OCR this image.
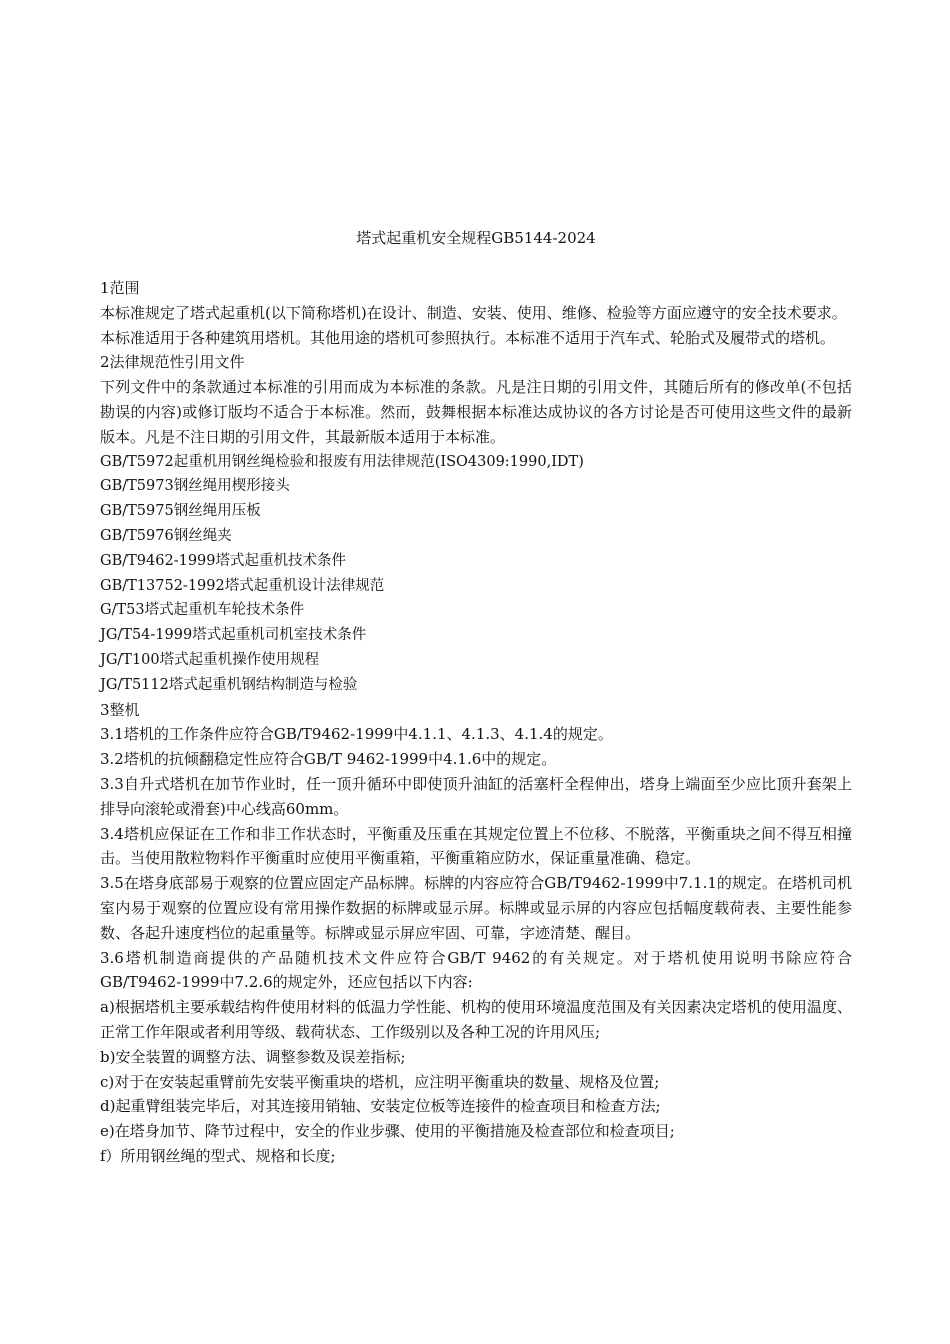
塔式起重机安全规程GB5144-2024

1范围

本标准规定了塔式起重机(以下简称塔机)在设计、制造、安装、使用、维修、检验等方面应遵守的安全技术要求。

本标准适用于各种建筑用塔机。其他用途的塔机可参照执行。本标准不适用于汽车式、轮胎式及履带式的塔机。

2法律规范性引用文件

下列文件中的条款通过本标准的引用而成为本标准的条款。凡是注日期的引用文件，其随后所有的修改单(不包括勘误的内容)或修订版均不适合于本标准。然而，鼓舞根据本标准达成协议的各方讨论是否可使用这些文件的最新版本。凡是不注日期的引用文件，其最新版本适用于本标准。

GB/T5972起重机用钢丝绳检验和报废有用法律规范(ISO4309:1990,IDT)

GB/T5973钢丝绳用楔形接头

GB/T5975钢丝绳用压板

GB/T5976钢丝绳夹

GB/T9462-1999塔式起重机技术条件

GB/T13752-1992塔式起重机设计法律规范

G/T53塔式起重机车轮技术条件

JG/T54-1999塔式起重机司机室技术条件

JG/T100塔式起重机操作使用规程

JG/T5112塔式起重机钢结构制造与检验

3整机

3.1塔机的工作条件应符合GB/T9462-1999中4.1.1、4.1.3、4.1.4的规定。

3.2塔机的抗倾翻稳定性应符合GB/T 9462-1999中4.1.6中的规定。

3.3自升式塔机在加节作业时，任一顶升循环中即使顶升油缸的活塞杆全程伸出，塔身上端面至少应比顶升套架上排导向滚轮或滑套)中心线高60mm。

3.4塔机应保证在工作和非工作状态时，平衡重及压重在其规定位置上不位移、不脱落，平衡重块之间不得互相撞击。当使用散粒物料作平衡重时应使用平衡重箱，平衡重箱应防水，保证重量准确、稳定。

3.5在塔身底部易于观察的位置应固定产品标牌。标牌的内容应符合GB/T9462-1999中7.1.1的规定。在塔机司机室内易于观察的位置应设有常用操作数据的标牌或显示屏。标牌或显示屏的内容应包括幅度载荷表、主要性能参数、各起升速度档位的起重量等。标牌或显示屏应牢固、可靠，字迹清楚、醒目。

3.6塔机制造商提供的产品随机技术文件应符合GB/T 9462的有关规定。对于塔机使用说明书除应符合GB/T9462-1999中7.2.6的规定外，还应包括以下内容:

a)根据塔机主要承载结构件使用材料的低温力学性能、机构的使用环境温度范围及有关因素决定塔机的使用温度、正常工作年限或者利用等级、载荷状态、工作级别以及各种工况的许用风压;

b)安全装置的调整方法、调整参数及误差指标;

c)对于在安装起重臂前先安装平衡重块的塔机，应注明平衡重块的数量、规格及位置;

d)起重臂组装完毕后，对其连接用销轴、安装定位板等连接件的检查项目和检查方法;

e)在塔身加节、降节过程中，安全的作业步骤、使用的平衡措施及检查部位和检查项目;

f）所用钢丝绳的型式、规格和长度;
